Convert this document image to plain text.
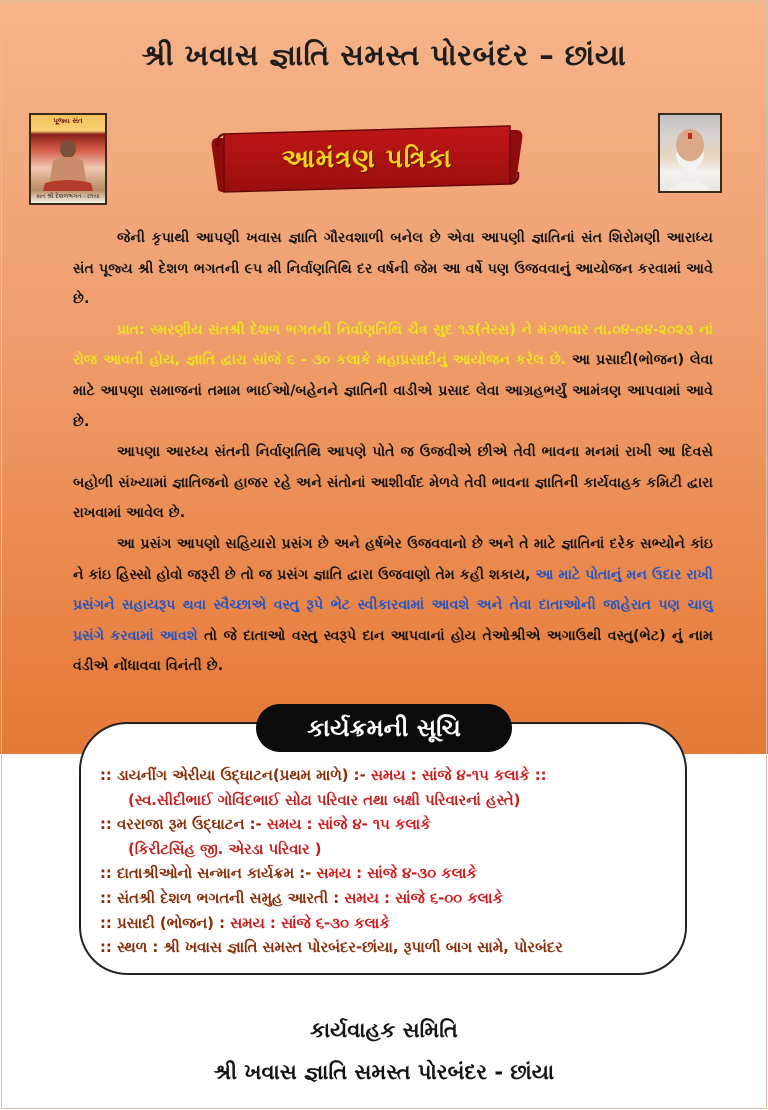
શ્રી ખવાસ જ્ઞાતિ સમસ્ત પોરબંદર – છાંયા
પૂજ્ય સંત
સંત શ્રી દેશળભગત - છાંયા
આમંત્રણ પત્રિકા

જેની કૃપાથી આપણી ખવાસ જ્ઞાતિ ગૌરવશાળી બનેલ છે એવા આપણી જ્ઞાતિનાં સંત શિરોમણી આરાધ્ય સંત પૂજ્ય શ્રી દેશળ ભગતની ૯૫ મી નિર્વાણતિથિ દર વર્ષની જેમ આ વર્ષે પણ ઉજવવાનું આયોજન કરવામાં આવે છે.

પ્રાત: સ્મરણીય સંતશ્રી દેશળ ભગતની નિર્વાણતિથિ ચૈત્ર સુદ ૧૩(તેરસ) ને મંગળવાર તા.૦૪-૦૪-૨૦૨૩ નાં રોજ આવતી હોય, જ્ઞાતિ દ્વારા સાંજે ૬ - ૩૦ કલાકે મહાપ્રસાદીનું આયોજન કરેલ છે. આ પ્રસાદી(ભોજન) લેવા માટે આપણા સમાજનાં તમામ ભાઈઓ/બહેનને જ્ઞાતિની વાડીએ પ્રસાદ લેવા આગ્રહભર્યું આમંત્રણ આપવામાં આવે છે.

આપણા આરધ્ય સંતની નિર્વાણતિથિ આપણે પોતે જ ઉજવીએ છીએ તેવી ભાવના મનમાં રાખી આ દિવસે બહોળી સંખ્યામાં જ્ઞાતિજનો હાજર રહે અને સંતોનાં આશીર્વાદ મેળવે તેવી ભાવના જ્ઞાતિની કાર્યવાહક કમિટી દ્વારા રાખવામાં આવેલ છે.

આ પ્રસંગ આપણો સહિયારો પ્રસંગ છે અને હર્ષભેર ઉજવવાનો છે અને તે માટે જ્ઞાતિનાં દરેક સભ્યોને કાંઇ ને કાંઇ હિસ્સો હોવો જરૂરી છે તો જ પ્રસંગ જ્ઞાતિ દ્વારા ઉજવાણો તેમ કહી શકાય, આ માટે પોતાનું મન ઉદાર રાખી પ્રસંગને સહાયરૂપ થવા સ્વૈચ્છાએ વસ્તુ રૂપે ભેટ સ્વીકારવામાં આવશે અને તેવા દાતાઓની જાહેરાત પણ ચાલુ પ્રસંગે કરવામાં આવશે તો જે દાતાઓ વસ્તુ સ્વરૂપે દાન આપવાનાં હોય તેઓશ્રીએ અગાઉથી વસ્તુ(ભેટ) નું નામ વંડીએ નોંધાવવા વિનંતી છે.

કાર્યક્રમની સૂચિ
:: ડાયનીંગ એરીયા ઉદ્ઘાટન(પ્રથમ માળે) :- સમય : સાંજે ૪-૧૫ કલાકે ::
(સ્વ.સીદીભાઈ ગોવિંદભાઈ સોઢા પરિવાર તથા બક્ષી પરિવારનાં હસ્તે)
:: વરરાજા રૂમ ઉદ્ઘાટન :- સમય : સાંજે ૪- ૧૫ કલાકે
(કિરીટસિંહ જી. એરડા પરિવાર )
:: દાતાશ્રીઓનો સન્માન કાર્યક્રમ :- સમય : સાંજે ૪-૩૦ કલાકે
:: સંતશ્રી દેશળ ભગતની સમુહ આરતી : સમય : સાંજે ૬-૦૦ કલાકે
:: પ્રસાદી (ભોજન) : સમય : સાંજે ૬-૩૦ કલાકે
:: સ્થળ : શ્રી ખવાસ જ્ઞાતિ સમસ્ત પોરબંદર-છાંયા, રૂપાળી બાગ સામે, પોરબંદર
કાર્યવાહક સમિતિ
શ્રી ખવાસ જ્ઞાતિ સમસ્ત પોરબંદર - છાંયા
